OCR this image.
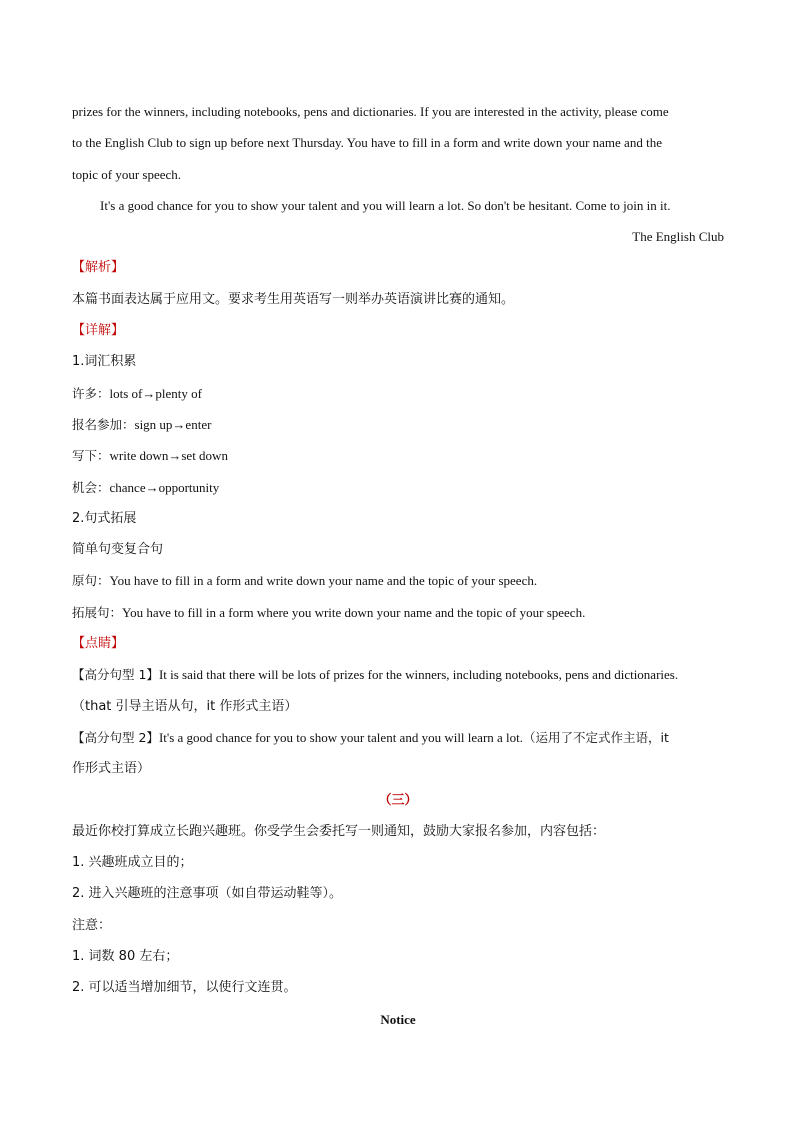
prizes for the winners, including notebooks, pens and dictionaries. If you are interested in the activity, please come
to the English Club to sign up before next Thursday. You have to fill in a form and write down your name and the
topic of your speech.
It's a good chance for you to show your talent and you will learn a lot. So don't be hesitant. Come to join in it.
The English Club
【解析】
本篇书面表达属于应用文。要求考生用英语写一则举办英语演讲比赛的通知。
【详解】
1.词汇积累
许多：lots of→plenty of
报名参加：sign up→enter
写下：write down→set down
机会：chance→opportunity
2.句式拓展
简单句变复合句
原句：You have to fill in a form and write down your name and the topic of your speech.
拓展句：You have to fill in a form where you write down your name and the topic of your speech.
【点睛】
【高分句型 1】It is said that there will be lots of prizes for the winners, including notebooks, pens and dictionaries.
（that 引导主语从句，it 作形式主语）
【高分句型 2】It's a good chance for you to show your talent and you will learn a lot.（运用了不定式作主语，it
作形式主语）
（三）
最近你校打算成立长跑兴趣班。你受学生会委托写一则通知，鼓励大家报名参加，内容包括：
1. 兴趣班成立目的；
2. 进入兴趣班的注意事项（如自带运动鞋等）。
注意：
1. 词数 80 左右；
2. 可以适当增加细节，以使行文连贯。
Notice
